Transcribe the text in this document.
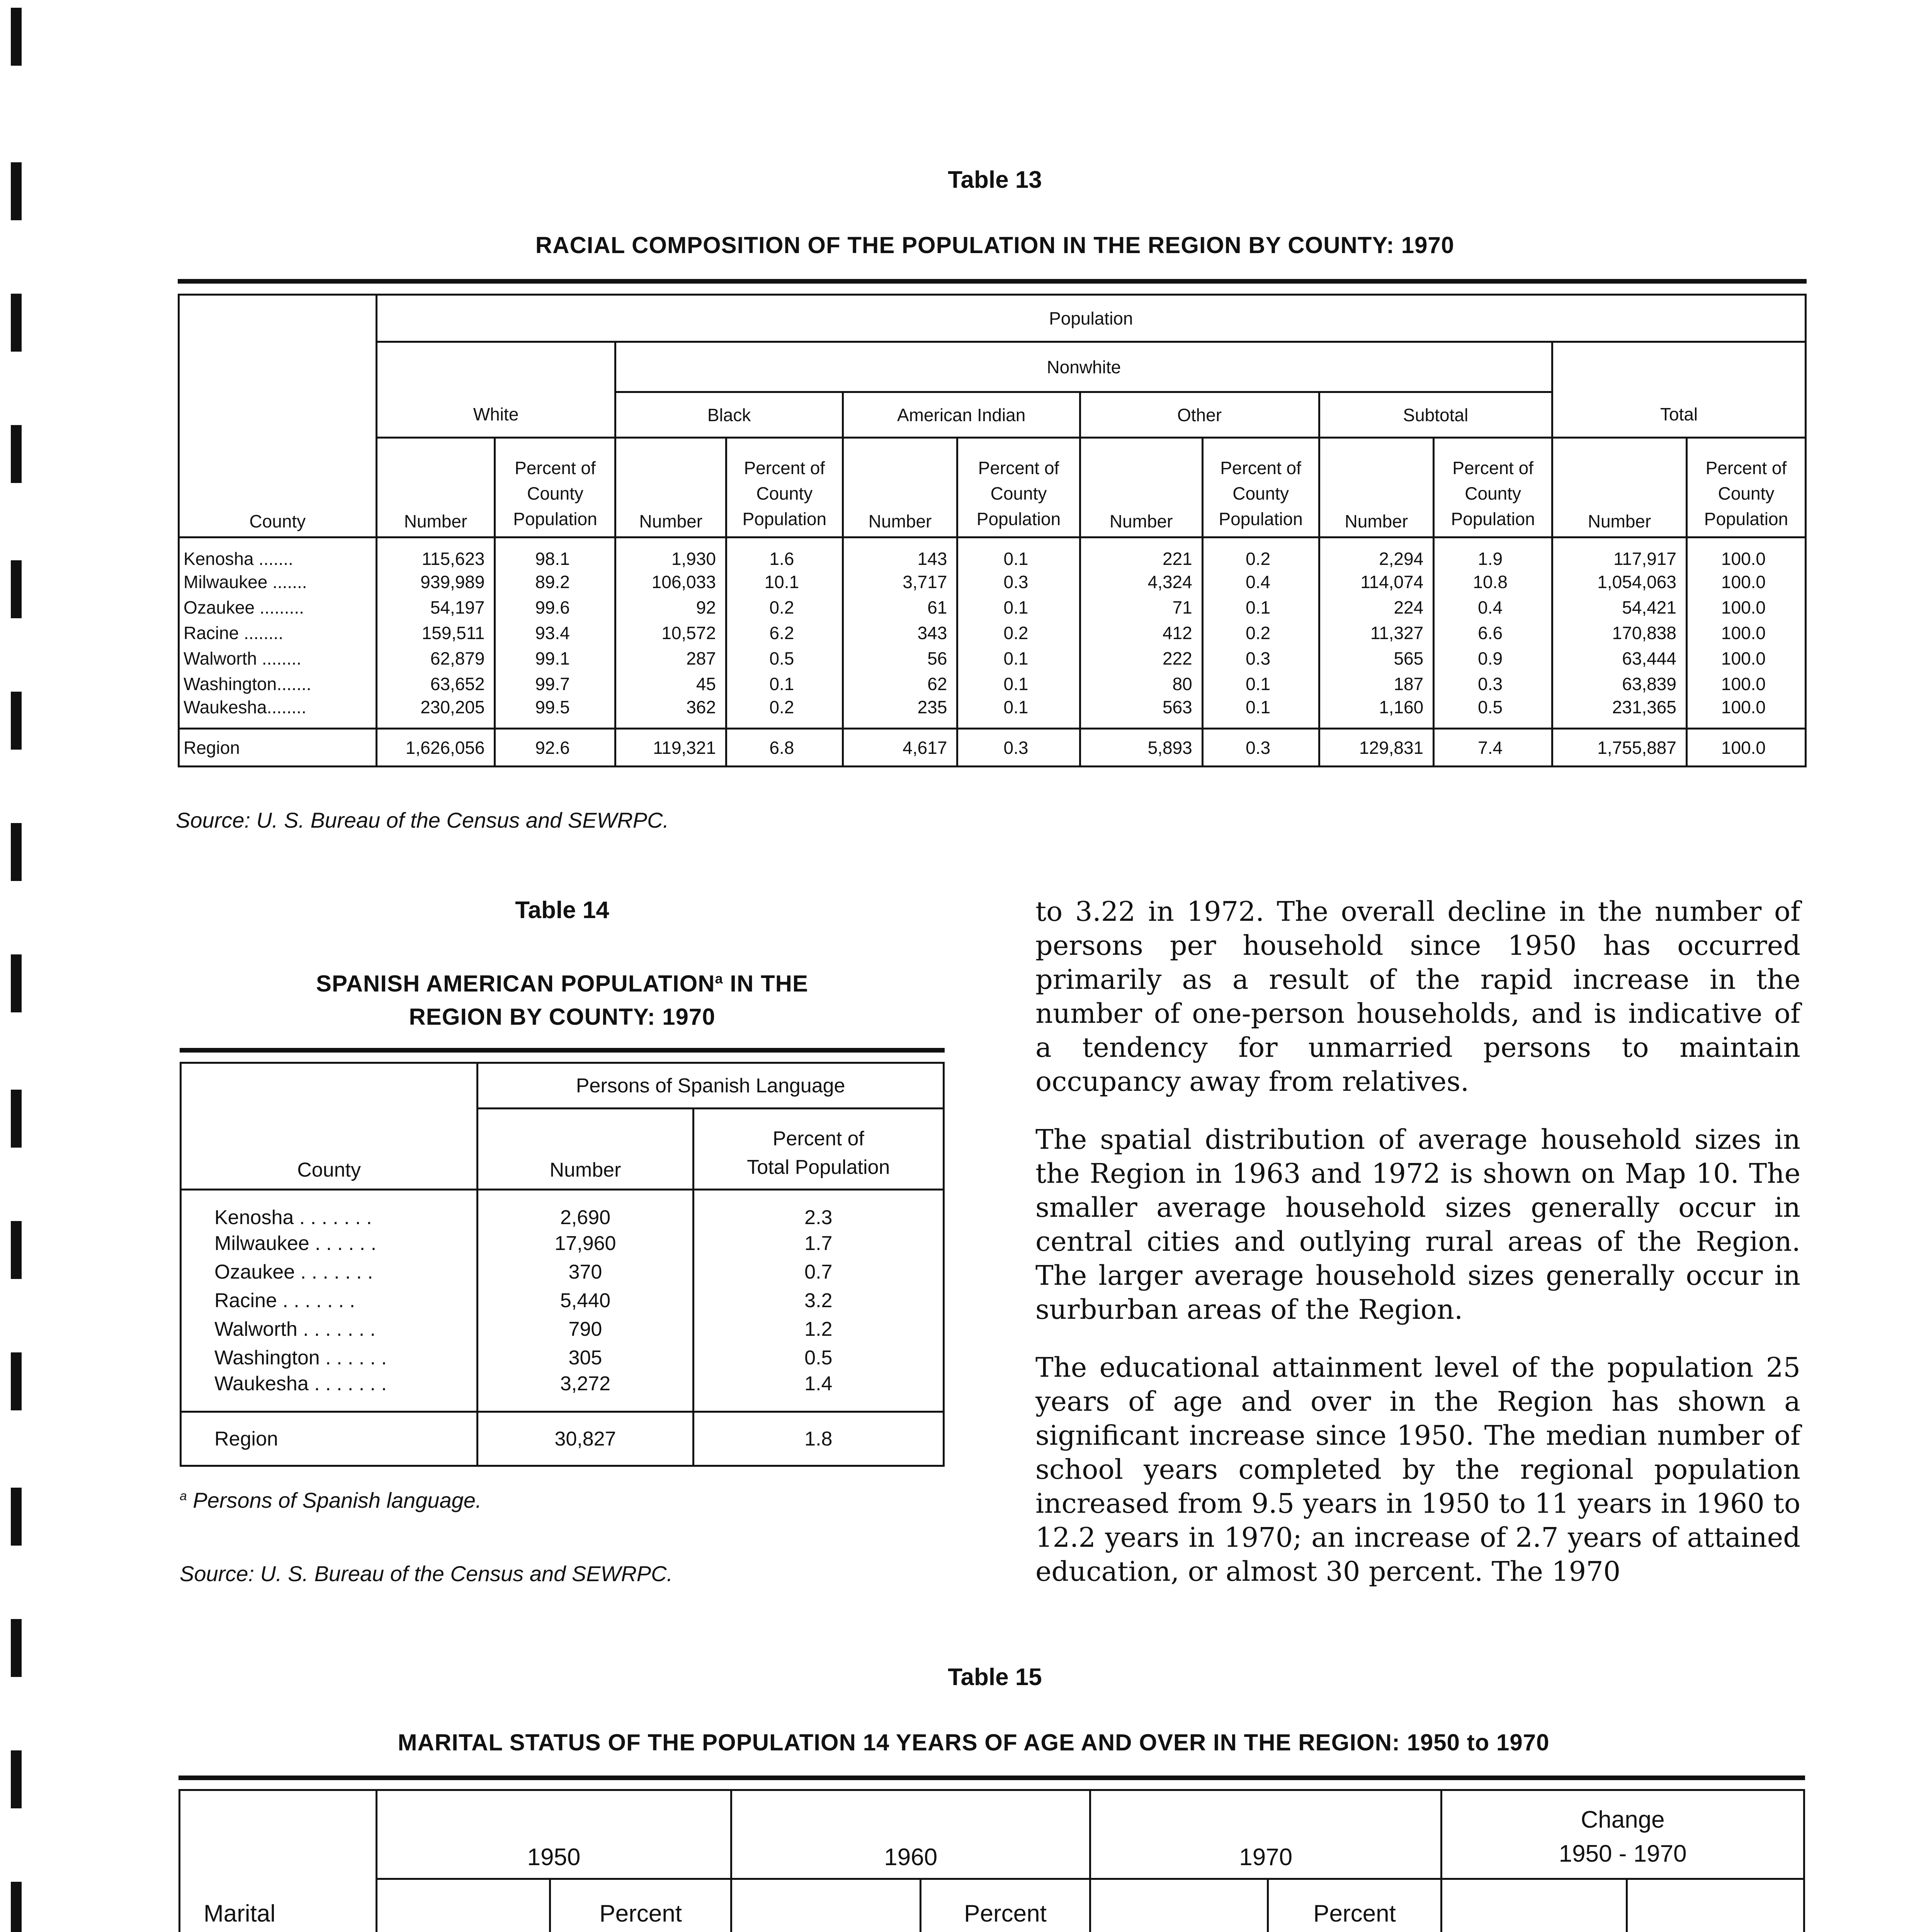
Table 13
RACIAL COMPOSITION OF THE POPULATION IN THE REGION BY COUNTY: 1970
County	Population											
			Nonwhite									
	White		Black		American Indian		Other		Subtotal		Total	
	Number	Percent of County Population	Number	Percent of County Population	Number	Percent of County Population	Number	Percent of County Population	Number	Percent of County Population	Number	Percent of County Population
Kenosha .......	115,623	98.1	1,930	1.6	143	0.1	221	0.2	2,294	1.9	117,917	100.0
Milwaukee .......	939,989	89.2	106,033	10.1	3,717	0.3	4,324	0.4	114,074	10.8	1,054,063	100.0
Ozaukee .........	54,197	99.6	92	0.2	61	0.1	71	0.1	224	0.4	54,421	100.0
Racine ........	159,511	93.4	10,572	6.2	343	0.2	412	0.2	11,327	6.6	170,838	100.0
Walworth ........	62,879	99.1	287	0.5	56	0.1	222	0.3	565	0.9	63,444	100.0
Washington.......	63,652	99.7	45	0.1	62	0.1	80	0.1	187	0.3	63,839	100.0
Waukesha........	230,205	99.5	362	0.2	235	0.1	563	0.1	1,160	0.5	231,365	100.0
Region	1,626,056	92.6	119,321	6.8	4,617	0.3	5,893	0.3	129,831	7.4	1,755,887	100.0
Source: U. S. Bureau of the Census and SEWRPC.
Table 14
SPANISH AMERICAN POPULATION$^a$ IN THE
REGION BY COUNTY: 1970
County	Persons of Spanish Language	
	Number	Percent of
Total Population
Kenosha . . . . . . .	2,690	2.3
Milwaukee . . . . . .	17,960	1.7
Ozaukee . . . . . . .	370	0.7
Racine . . . . . . .	5,440	3.2
Walworth . . . . . . .	790	1.2
Washington . . . . . .	305	0.5
Waukesha . . . . . . .	3,272	1.4
Region	30,827	1.8
$^a$ Persons of Spanish language.
Source: U. S. Bureau of the Census and SEWRPC.
to 3.22 in 1972. The overall decline in the number of persons per household since 1950 has occurred primarily as a result of the rapid increase in the number of one-person households, and is indicative of a tendency for unmarried persons to maintain occupancy away from relatives.
The spatial distribution of average household sizes in the Region in 1963 and 1972 is shown on Map 10. The smaller average household sizes generally occur in central cities and outlying rural areas of the Region. The larger average household sizes generally occur in surburban areas of the Region.
The educational attainment level of the population 25 years of age and over in the Region has shown a significant increase since 1950. The median number of school years completed by the regional population increased from 9.5 years in 1950 to 11 years in 1960 to 12.2 years in 1970; an increase of 2.7 years of attained education, or almost 30 percent. The 1970
Table 15
MARITAL STATUS OF THE POPULATION 14 YEARS OF AGE AND OVER IN THE REGION: 1950 to 1970
Marital	1950		1960		1970		Change
1950 - 1970	
	Percent		Percent		Percent
